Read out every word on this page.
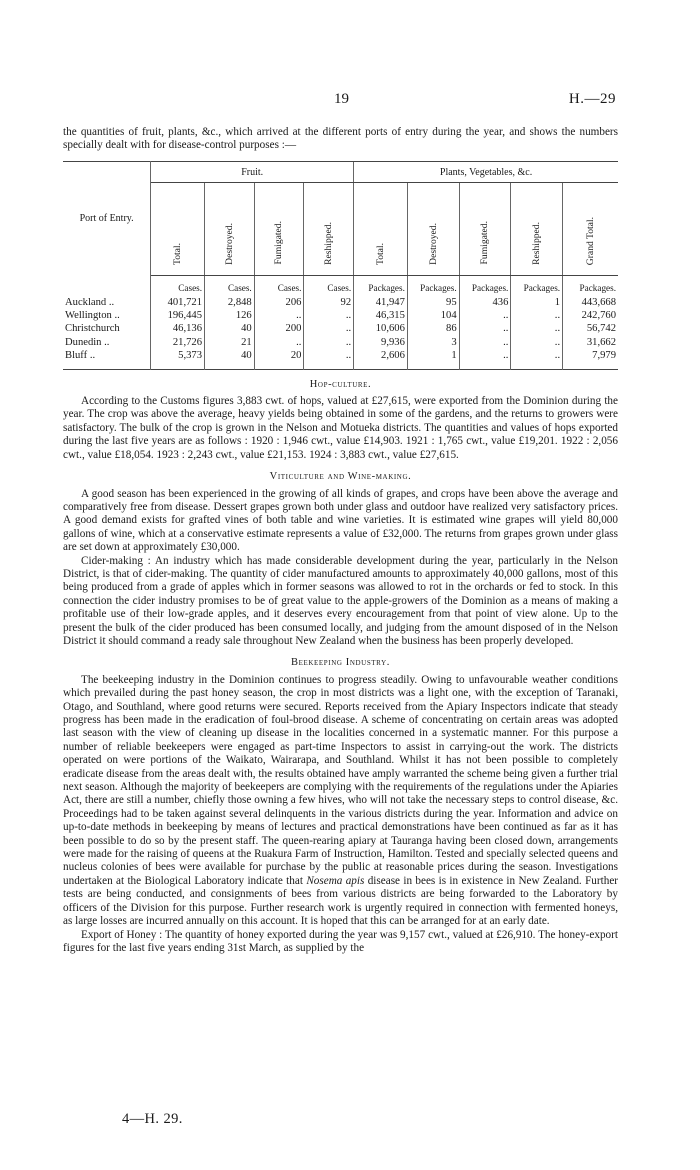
19	H.—29

the quantities of fruit, plants, &c., which arrived at the different ports of entry during the year, and shows the numbers specially dealt with for disease-control purposes :—

Port of Entry.	Fruit.				Plants, Vegetables, &c.				
	Total.	Destroyed.	Fumigated.	Reshipped.	Total.	Destroyed.	Fumigated.	Reshipped.	Grand Total.
	Cases.	Cases.	Cases.	Cases.	Packages.	Packages.	Packages.	Packages.	Packages.
Auckland ..	401,721	2,848	206	92	41,947	95	436	1	443,668
Wellington ..	196,445	126	..	..	46,315	104	..	..	242,760
Christchurch	46,136	40	200	..	10,606	86	..	..	56,742
Dunedin ..	21,726	21	..	..	9,936	3	..	..	31,662
Bluff ..	5,373	40	20	..	2,606	1	..	..	7,979
Hop-culture.

According to the Customs figures 3,883 cwt. of hops, valued at £27,615, were exported from the Dominion during the year. The crop was above the average, heavy yields being obtained in some of the gardens, and the returns to growers were satisfactory. The bulk of the crop is grown in the Nelson and Motueka districts. The quantities and values of hops exported during the last five years are as follows : 1920 : 1,946 cwt., value £14,903. 1921 : 1,765 cwt., value £19,201. 1922 : 2,056 cwt., value £18,054. 1923 : 2,243 cwt., value £21,153. 1924 : 3,883 cwt., value £27,615.

Viticulture and Wine-making.

A good season has been experienced in the growing of all kinds of grapes, and crops have been above the average and comparatively free from disease. Dessert grapes grown both under glass and outdoor have realized very satisfactory prices. A good demand exists for grafted vines of both table and wine varieties. It is estimated wine grapes will yield 80,000 gallons of wine, which at a conservative estimate represents a value of £32,000. The returns from grapes grown under glass are set down at approximately £30,000.

Cider-making : An industry which has made considerable development during the year, particularly in the Nelson District, is that of cider-making. The quantity of cider manufactured amounts to approximately 40,000 gallons, most of this being produced from a grade of apples which in former seasons was allowed to rot in the orchards or fed to stock. In this connection the cider industry promises to be of great value to the apple-growers of the Dominion as a means of making a profitable use of their low-grade apples, and it deserves every encouragement from that point of view alone. Up to the present the bulk of the cider produced has been consumed locally, and judging from the amount disposed of in the Nelson District it should command a ready sale throughout New Zealand when the business has been properly developed.

Beekeeping Industry.

The beekeeping industry in the Dominion continues to progress steadily. Owing to unfavourable weather conditions which prevailed during the past honey season, the crop in most districts was a light one, with the exception of Taranaki, Otago, and Southland, where good returns were secured. Reports received from the Apiary Inspectors indicate that steady progress has been made in the eradication of foul-brood disease. A scheme of concentrating on certain areas was adopted last season with the view of cleaning up disease in the localities concerned in a systematic manner. For this purpose a number of reliable beekeepers were engaged as part-time Inspectors to assist in carrying-out the work. The districts operated on were portions of the Waikato, Wairarapa, and Southland. Whilst it has not been possible to completely eradicate disease from the areas dealt with, the results obtained have amply warranted the scheme being given a further trial next season. Although the majority of beekeepers are complying with the requirements of the regulations under the Apiaries Act, there are still a number, chiefly those owning a few hives, who will not take the necessary steps to control disease, &c. Proceedings had to be taken against several delinquents in the various districts during the year. Information and advice on up-to-date methods in beekeeping by means of lectures and practical demonstrations have been continued as far as it has been possible to do so by the present staff. The queen-rearing apiary at Tauranga having been closed down, arrangements were made for the raising of queens at the Ruakura Farm of Instruction, Hamilton. Tested and specially selected queens and nucleus colonies of bees were available for purchase by the public at reasonable prices during the season. Investigations undertaken at the Biological Laboratory indicate that Nosema apis disease in bees is in existence in New Zealand. Further tests are being conducted, and consignments of bees from various districts are being forwarded to the Laboratory by officers of the Division for this purpose. Further research work is urgently required in connection with fermented honeys, as large losses are incurred annually on this account. It is hoped that this can be arranged for at an early date.

Export of Honey : The quantity of honey exported during the year was 9,157 cwt., valued at £26,910. The honey-export figures for the last five years ending 31st March, as supplied by the

4—H. 29.
